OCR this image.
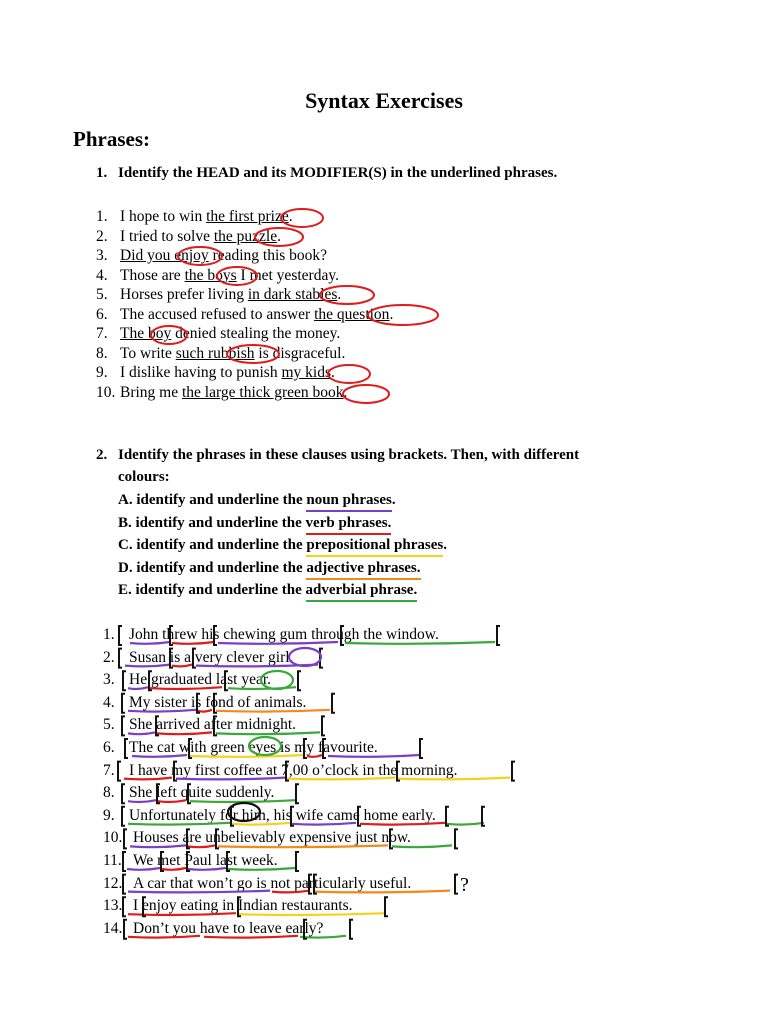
Syntax Exercises
Phrases:
1. Identify the HEAD and its MODIFIER(S) in the underlined phrases.
1. I hope to win the first prize.
2. I tried to solve the puzzle.
3. Did you enjoy reading this book?
4. Those are the boys I met yesterday.
5. Horses prefer living in dark stables.
6. The accused refused to answer the question.
7. The boy denied stealing the money.
8. To write such rubbish is disgraceful.
9. I dislike having to punish my kids.
10. Bring me the large thick green book.
2. Identify the phrases in these clauses using brackets. Then, with different
colours:
A. identify and underline the noun phrases.
B. identify and underline the verb phrases.
C. identify and underline the prepositional phrases.
D. identify and underline the adjective phrases.
E. identify and underline the adverbial phrase.
1. John threw his chewing gum through the window.
2. Susan is a very clever girl.
3. He graduated last year.
4. My sister is fond of animals.
5. She arrived after midnight.
6. The cat with green eyes is my favourite.
7. I have my first coffee at 7,00 o’clock in the morning.
8. She left quite suddenly.
9. Unfortunately for him, his wife came home early.
10. Houses are unbelievably expensive just now.
11. We met Paul last week.
12. A car that won’t go is not particularly useful.
13. I enjoy eating in Indian restaurants.
14. Don’t you have to leave early?
?
